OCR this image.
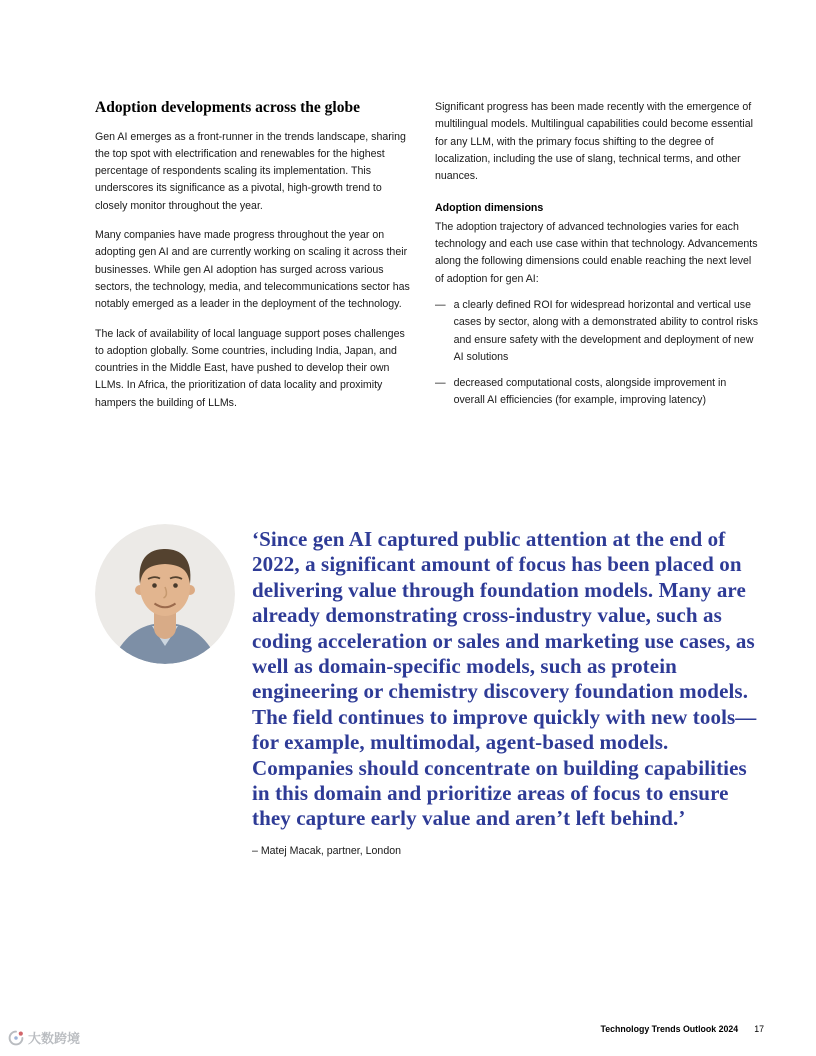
Adoption developments across the globe

Gen AI emerges as a front-runner in the trends landscape, sharing the top spot with electrification and renewables for the highest percentage of respondents scaling its implementation. This underscores its significance as a pivotal, high-growth trend to closely monitor throughout the year.

Many companies have made progress throughout the year on adopting gen AI and are currently working on scaling it across their businesses. While gen AI adoption has surged across various sectors, the technology, media, and telecommunications sector has notably emerged as a leader in the deployment of the technology.

The lack of availability of local language support poses challenges to adoption globally. Some countries, including India, Japan, and countries in the Middle East, have pushed to develop their own LLMs. In Africa, the prioritization of data locality and proximity hampers the building of LLMs.

Significant progress has been made recently with the emergence of multilingual models. Multilingual capabilities could become essential for any LLM, with the primary focus shifting to the degree of localization, including the use of slang, technical terms, and other nuances.

Adoption dimensions

The adoption trajectory of advanced technologies varies for each technology and each use case within that technology. Advancements along the following dimensions could enable reaching the next level of adoption for gen AI:

— a clearly defined ROI for widespread horizontal and vertical use cases by sector, along with a demonstrated ability to control risks and ensure safety with the development and deployment of new AI solutions
— decreased computational costs, alongside improvement in overall AI efficiencies (for example, improving latency)

‘Since gen AI captured public attention at the end of 2022, a significant amount of focus has been placed on delivering value through foundation models. Many are already demonstrating cross-industry value, such as coding acceleration or sales and marketing use cases, as well as domain-specific models, such as protein engineering or chemistry discovery foundation models. The field continues to improve quickly with new tools—for example, multimodal, agent-based models. Companies should concentrate on building capabilities in this domain and prioritize areas of focus to ensure they capture early value and aren’t left behind.’

– Matej Macak, partner, London
大数跨境
Technology Trends Outlook 2024 17
